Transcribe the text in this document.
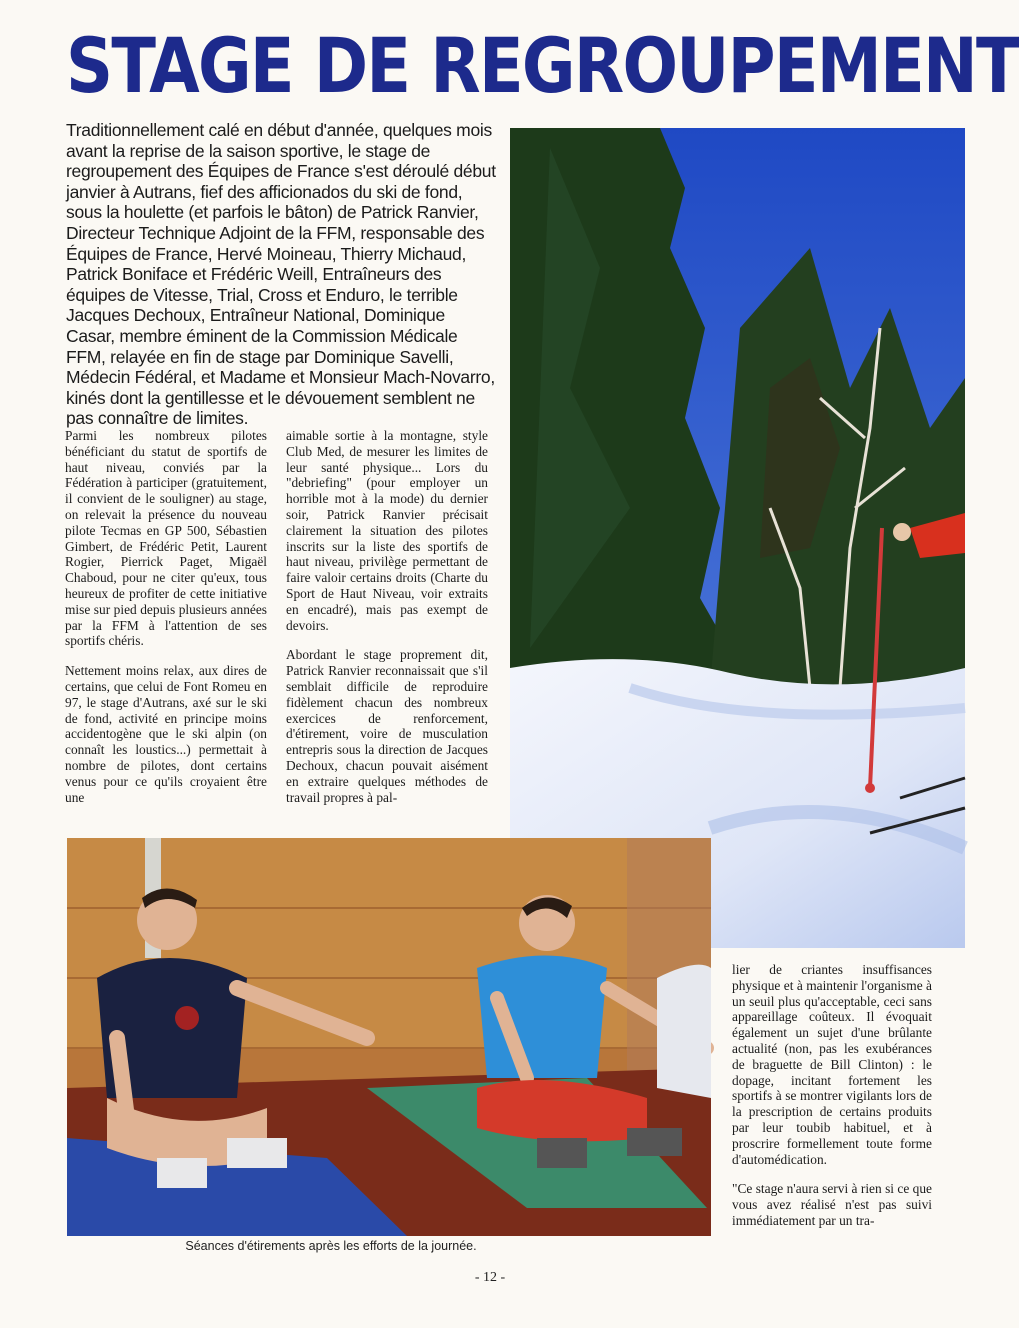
STAGE DE REGROUPEMENT
Traditionnellement calé en début d'année, quelques mois avant la reprise de la saison sportive, le stage de regroupement des Équipes de France s'est déroulé début janvier à Autrans, fief des afficionados du ski de fond, sous la houlette (et parfois le bâton) de Patrick Ranvier, Directeur Technique Adjoint de la FFM, responsable des Équipes de France, Hervé Moineau, Thierry Michaud, Patrick Boniface et Frédéric Weill, Entraîneurs des équipes de Vitesse, Trial, Cross et Enduro, le terrible Jacques Dechoux, Entraîneur National, Dominique Casar, membre éminent de la Commission Médicale FFM, relayée en fin de stage par Dominique Savelli, Médecin Fédéral, et Madame et Monsieur Mach-Novarro, kinés dont la gentillesse et le dévouement semblent ne pas connaître de limites.

Parmi les nombreux pilotes bénéficiant du statut de sportifs de haut niveau, conviés par la Fédération à participer (gratuitement, il convient de le souligner) au stage, on relevait la présence du nouveau pilote Tecmas en GP 500, Sébastien Gimbert, de Frédéric Petit, Laurent Rogier, Pierrick Paget, Migaël Chaboud, pour ne citer qu'eux, tous heureux de profiter de cette initiative mise sur pied depuis plusieurs années par la FFM à l'attention de ses sportifs chéris.

Nettement moins relax, aux dires de certains, que celui de Font Romeu en 97, le stage d'Autrans, axé sur le ski de fond, activité en principe moins accidentogène que le ski alpin (on connaît les loustics...) permettait à nombre de pilotes, dont certains venus pour ce qu'ils croyaient être une

aimable sortie à la montagne, style Club Med, de mesurer les limites de leur santé physique... Lors du "debriefing" (pour employer un horrible mot à la mode) du dernier soir, Patrick Ranvier précisait clairement la situation des pilotes inscrits sur la liste des sportifs de haut niveau, privilège permettant de faire valoir certains droits (Charte du Sport de Haut Niveau, voir extraits en encadré), mais pas exempt de devoirs.

Abordant le stage proprement dit, Patrick Ranvier reconnaissait que s'il semblait difficile de reproduire fidèlement chacun des nombreux exercices de renforcement, d'étirement, voire de musculation entrepris sous la direction de Jacques Dechoux, chacun pouvait aisément en extraire quelques méthodes de travail propres à pal-

Séances d'étirements après les efforts de la journée.

lier de criantes insuffisances physique et à maintenir l'organisme à un seuil plus qu'acceptable, ceci sans appareillage coûteux. Il évoquait également un sujet d'une brûlante actualité (non, pas les exubérances de braguette de Bill Clinton) : le dopage, incitant fortement les sportifs à se montrer vigilants lors de la prescription de certains produits par leur toubib habituel, et à proscrire formellement toute forme d'automédication.

"Ce stage n'aura servi à rien si ce que vous avez réalisé n'est pas suivi immédiatement par un tra-

- 12 -
